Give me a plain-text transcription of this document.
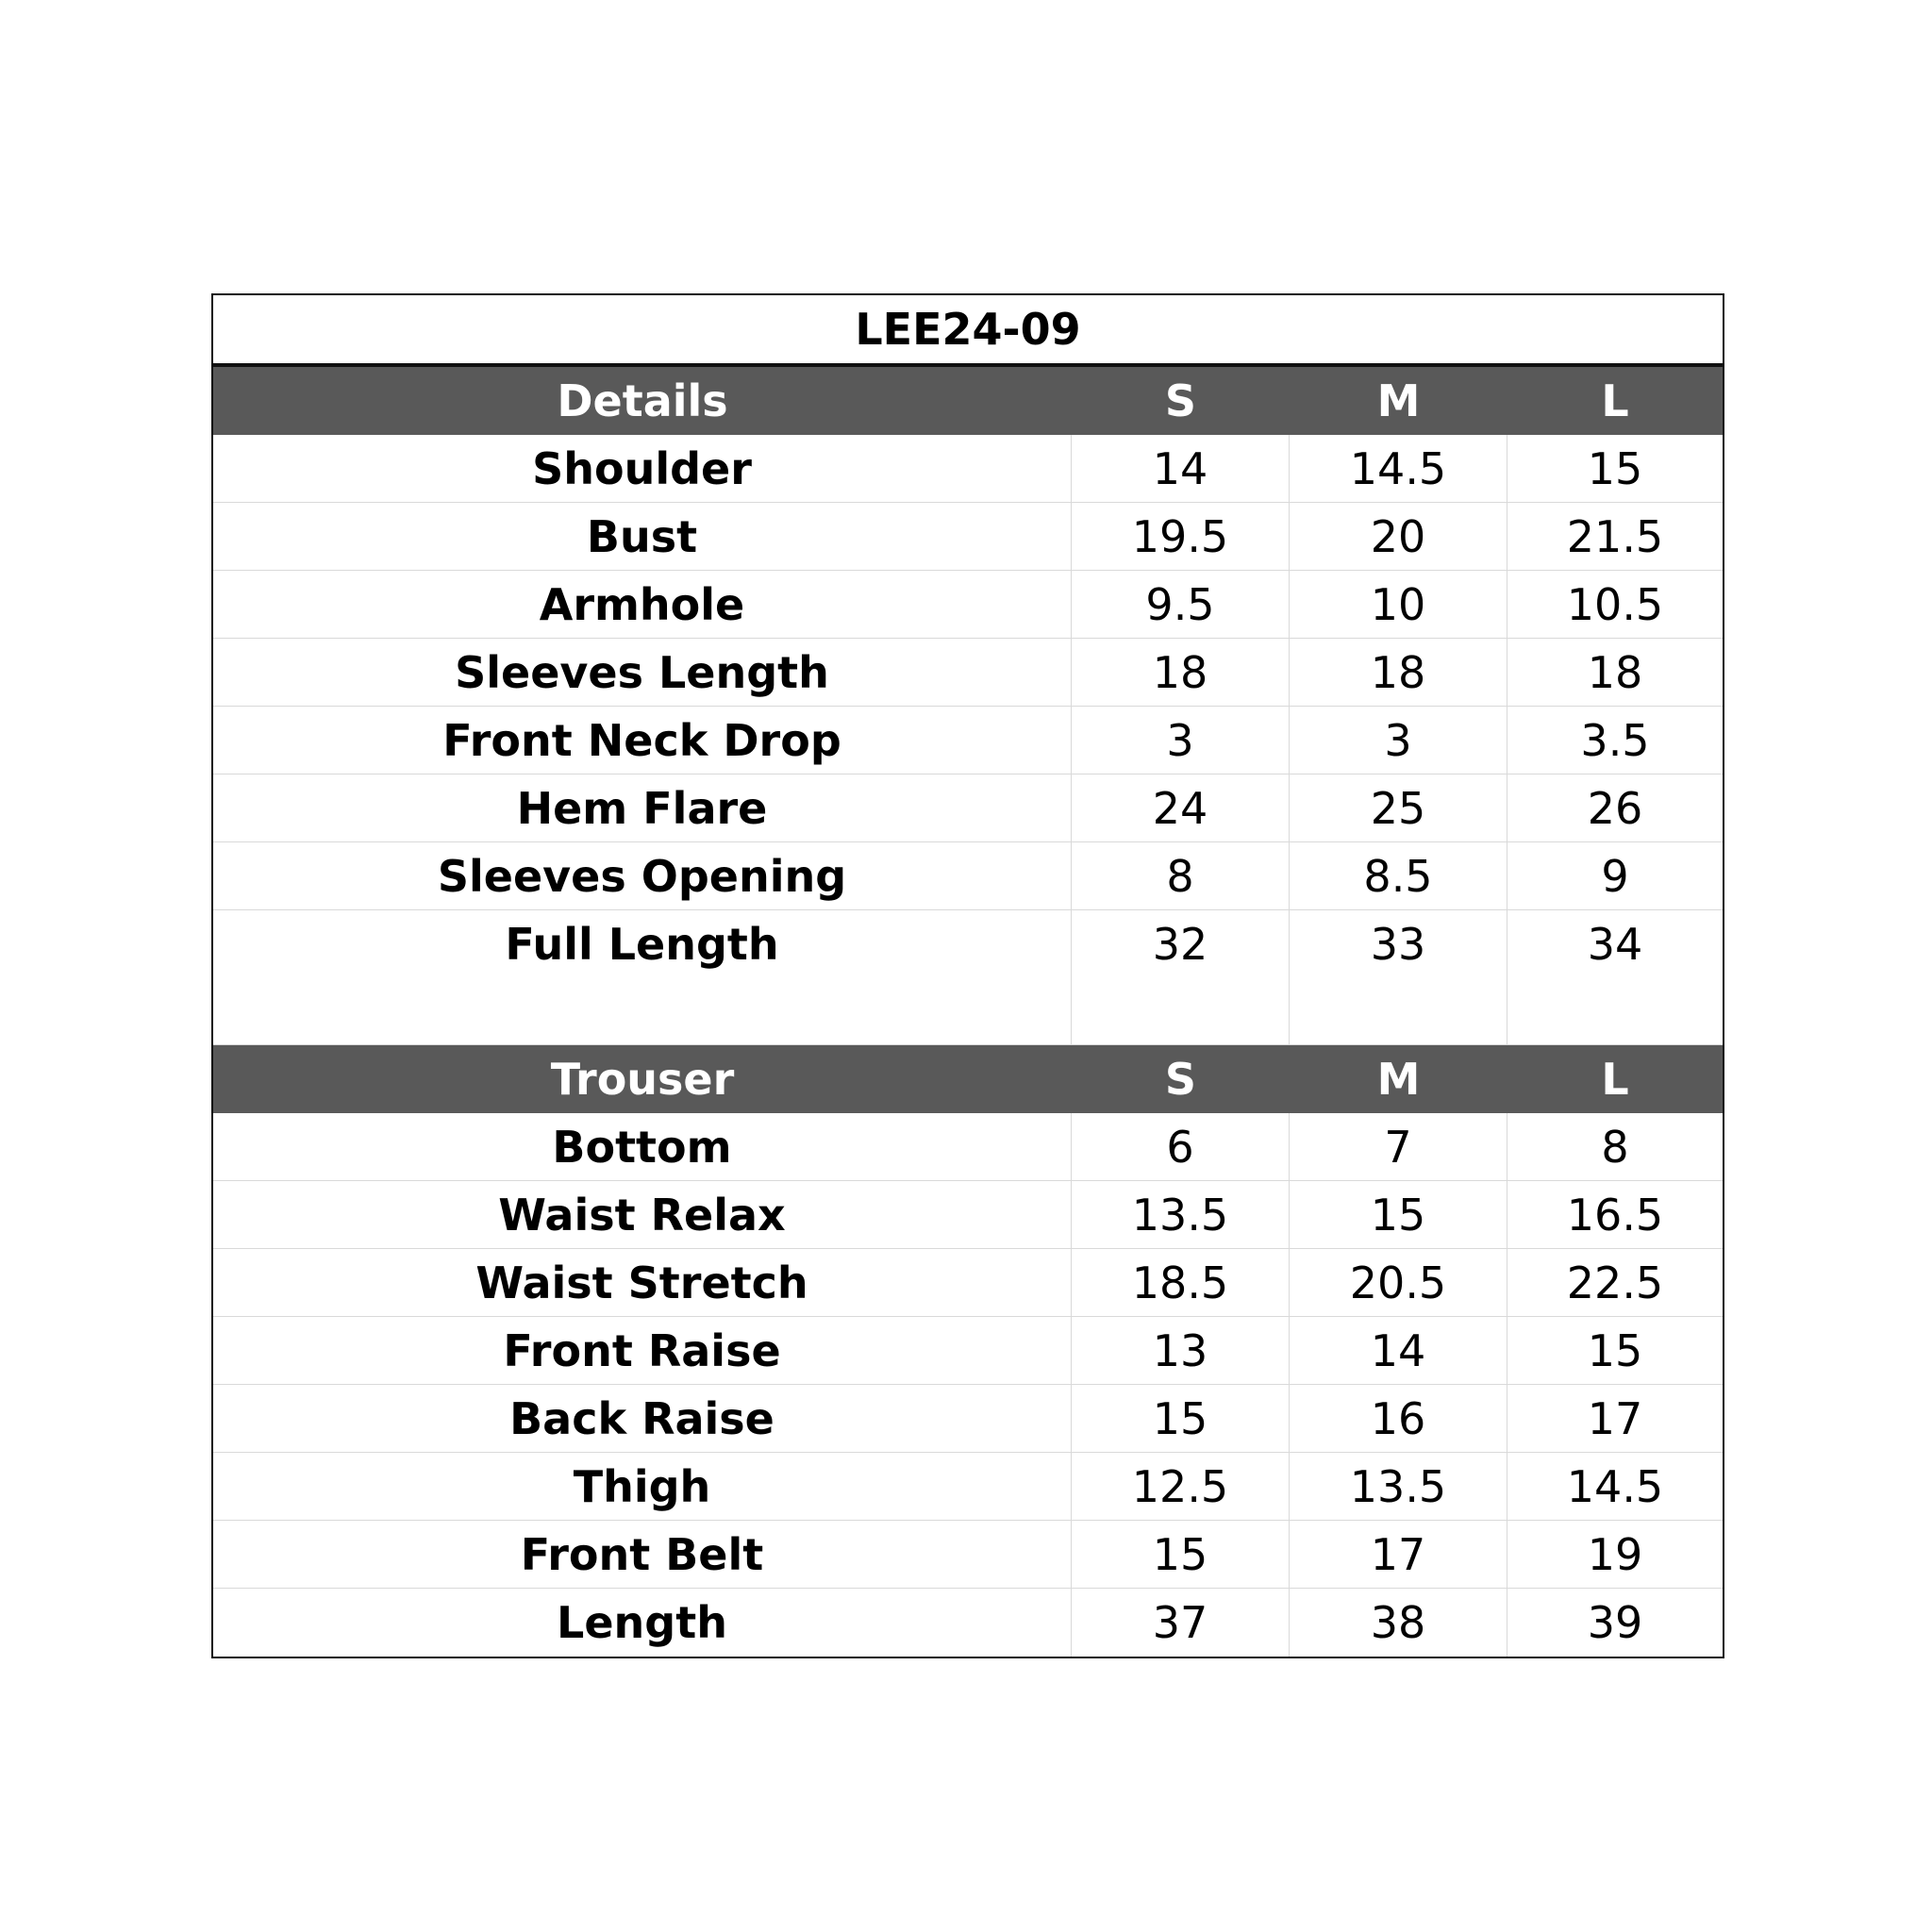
LEE24-09
Details	S	M	L
Shoulder	14	14.5	15
Bust	19.5	20	21.5
Armhole	9.5	10	10.5
Sleeves Length	18	18	18
Front Neck Drop	3	3	3.5
Hem Flare	24	25	26
Sleeves Opening	8	8.5	9
Full Length	32	33	34
Trouser	S	M	L
Bottom	6	7	8
Waist Relax	13.5	15	16.5
Waist Stretch	18.5	20.5	22.5
Front Raise	13	14	15
Back Raise	15	16	17
Thigh	12.5	13.5	14.5
Front Belt	15	17	19
Length	37	38	39
